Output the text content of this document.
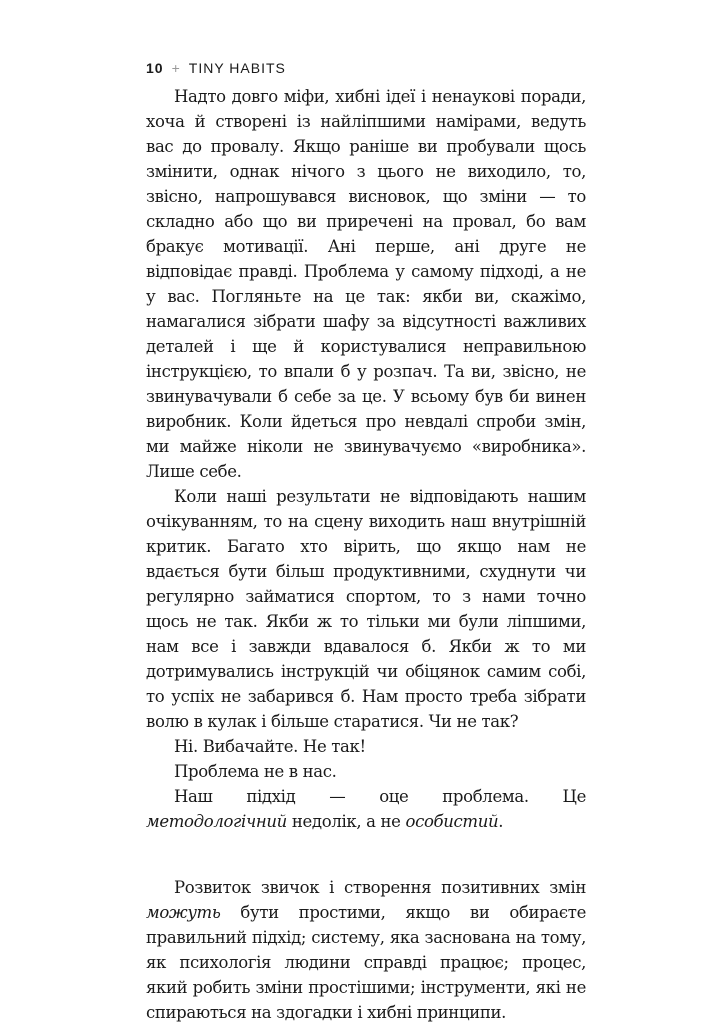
10 + TINY HABITS

Надто довго міфи, хибні ідеї і ненаукові поради, хоча й створені із найліпшими намірами, ведуть вас до провалу. Якщо раніше ви пробували щось змінити, однак нічого з цього не виходило, то, звісно, напрошувався висновок, що зміни — то складно або що ви приречені на провал, бо вам бракує мотивації. Ані перше, ані друге не відповідає правді. Проблема у самому підході, а не у вас. Погляньте на це так: якби ви, скажімо, намагалися зібрати шафу за відсутності важливих деталей і ще й користувалися неправильною інструкцією, то впали б у розпач. Та ви, звісно, не звинувачували б себе за це. У всьому був би винен виробник. Коли йдеться про невдалі спроби змін, ми майже ніколи не звинувачуємо «виробника». Лише себе.

Коли наші результати не відповідають нашим очікуванням, то на сцену виходить наш внутрішній критик. Багато хто вірить, що якщо нам не вдається бути більш продуктивними, схуднути чи регулярно займатися спортом, то з нами точно щось не так. Якби ж то тільки ми були ліпшими, нам все і завжди вдавалося б. Якби ж то ми дотримувались інструкцій чи обіцянок самим собі, то успіх не забарився б. Нам просто треба зібрати волю в кулак і більше старатися. Чи не так?

Ні. Вибачайте. Не так!

Проблема не в нас.

Наш підхід — оце проблема. Це методологічний недолік, а не особистий.

Розвиток звичок і створення позитивних змін можуть бути простими, якщо ви обираєте правильний підхід; систему, яка заснована на тому, як психологія людини справді працює; процес, який робить зміни простішими; інструменти, які не спираються на здогадки і хибні принципи.
